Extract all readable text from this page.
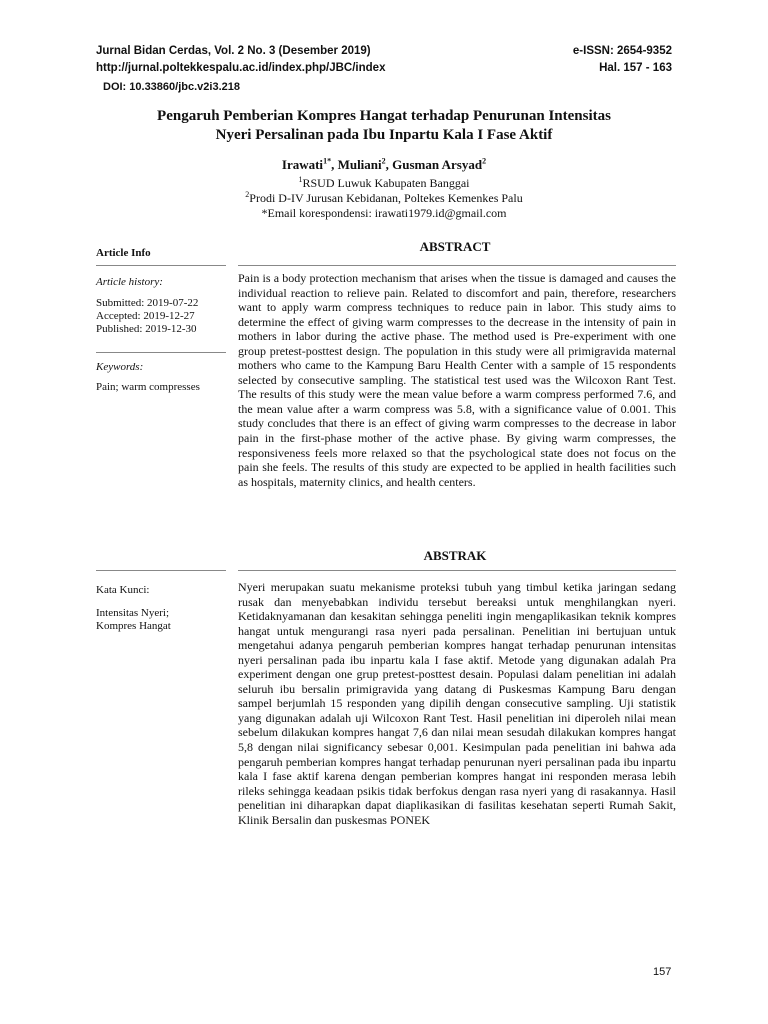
Jurnal Bidan Cerdas, Vol. 2 No. 3 (Desember 2019)	e-ISSN: 2654-9352
http://jurnal.poltekkespalu.ac.id/index.php/JBC/index	Hal. 157 - 163
DOI: 10.33860/jbc.v2i3.218
Pengaruh Pemberian Kompres Hangat terhadap Penurunan Intensitas
Nyeri Persalinan pada Ibu Inpartu Kala I Fase Aktif
Irawati$^{1*}$, Muliani$^2$, Gusman Arsyad$^2$
$^1$RSUD Luwuk Kabupaten Banggai
$^2$Prodi D-IV Jurusan Kebidanan, Poltekes Kemenkes Palu
*Email korespondensi: irawati1979.id@gmail.com
Article Info	ABSTRACT
Article history:
Submitted: 2019-07-22
Accepted: 2019-12-27
Published: 2019-12-30
Keywords:
Pain; warm compresses
Pain is a body protection mechanism that arises when the tissue is damaged and causes the individual reaction to relieve pain. Related to discomfort and pain, therefore, researchers want to apply warm compress techniques to reduce pain in labor. This study aims to determine the effect of giving warm compresses to the decrease in the intensity of pain in mothers in labor during the active phase. The method used is Pre-experiment with one group pretest-posttest design. The population in this study were all primigravida maternal mothers who came to the Kampung Baru Health Center with a sample of 15 respondents selected by consecutive sampling. The statistical test used was the Wilcoxon Rant Test. The results of this study were the mean value before a warm compress performed 7.6, and the mean value after a warm compress was 5.8, with a significance value of 0.001. This study concludes that there is an effect of giving warm compresses to the decrease in labor pain in the first-phase mother of the active phase. By giving warm compresses, the responsiveness feels more relaxed so that the psychological state does not focus on the pain she feels. The results of this study are expected to be applied in health facilities such as hospitals, maternity clinics, and health centers.
ABSTRAK
Kata Kunci:
Intensitas Nyeri;
Kompres Hangat
Nyeri merupakan suatu mekanisme proteksi tubuh yang timbul ketika jaringan sedang rusak dan menyebabkan individu tersebut bereaksi untuk menghilangkan nyeri. Ketidaknyamanan dan kesakitan sehingga peneliti ingin mengaplikasikan teknik kompres hangat untuk mengurangi rasa nyeri pada persalinan. Penelitian ini bertujuan untuk mengetahui adanya pengaruh pemberian kompres hangat terhadap penurunan intensitas nyeri persalinan pada ibu inpartu kala I fase aktif. Metode yang digunakan adalah Pra experiment dengan one grup pretest-posttest desain. Populasi dalam penelitian ini adalah seluruh ibu bersalin primigravida yang datang di Puskesmas Kampung Baru dengan sampel berjumlah 15 responden yang dipilih dengan consecutive sampling. Uji statistik yang digunakan adalah uji Wilcoxon Rant Test. Hasil penelitian ini diperoleh nilai mean sebelum dilakukan kompres hangat 7,6 dan nilai mean sesudah dilakukan kompres hangat 5,8 dengan nilai significancy sebesar 0,001. Kesimpulan pada penelitian ini bahwa ada pengaruh pemberian kompres hangat terhadap penurunan nyeri persalinan pada ibu inpartu kala I fase aktif karena dengan pemberian kompres hangat ini responden merasa lebih rileks sehingga keadaan psikis tidak berfokus dengan rasa nyeri yang di rasakannya. Hasil penelitian ini diharapkan dapat diaplikasikan di fasilitas kesehatan seperti Rumah Sakit, Klinik Bersalin dan puskesmas PONEK
157
